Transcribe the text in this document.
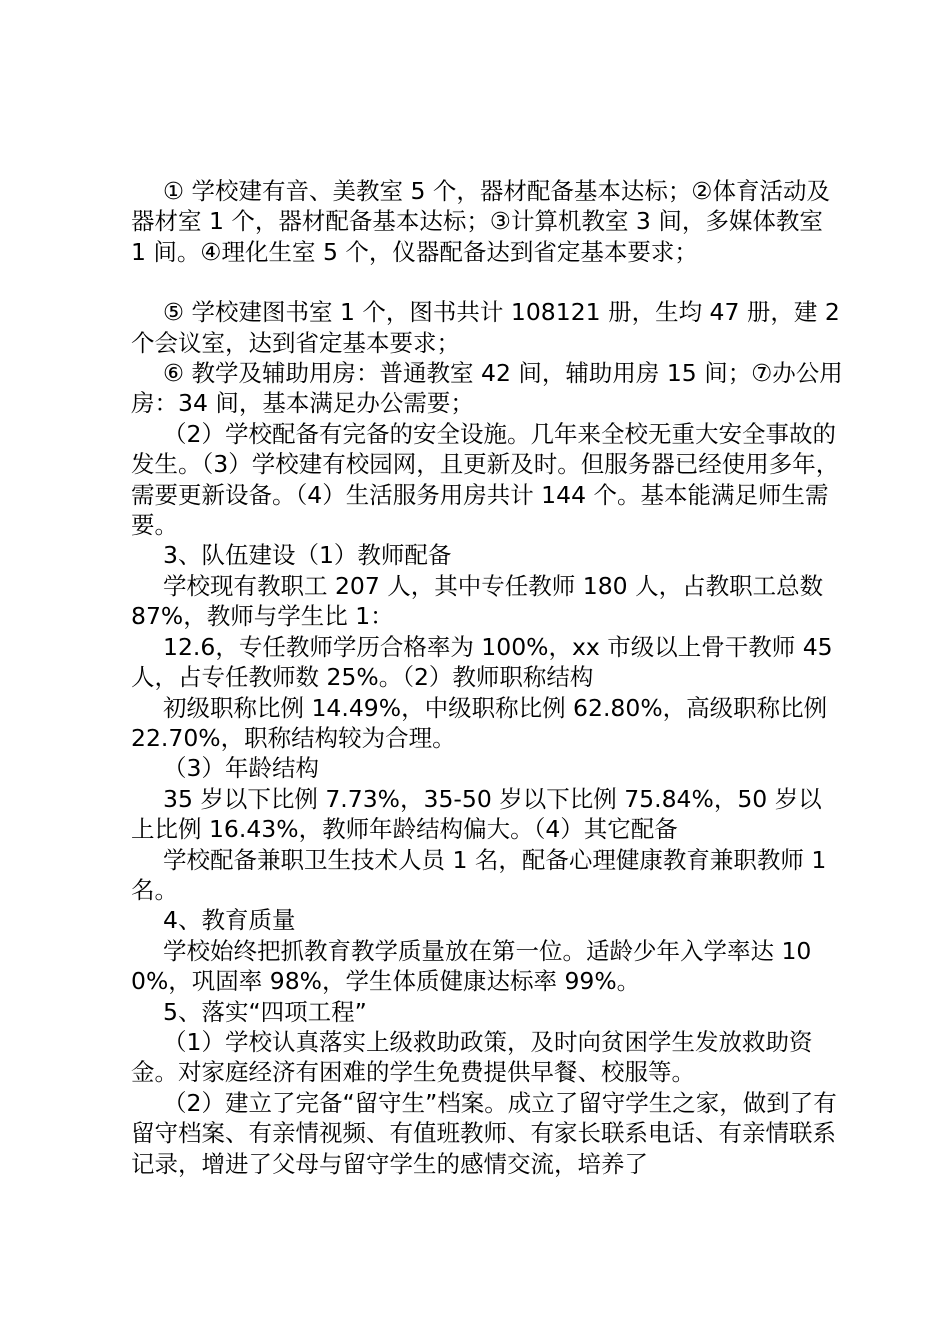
① 学校建有音、美教室 5 个，器材配备基本达标；②体育活动及器材室 1 个，器材配备基本达标；③计算机教室 3 间，多媒体教室 1 间。④理化生室 5 个，仪器配备达到省定基本要求；

⑤ 学校建图书室 1 个，图书共计 108121 册，生均 47 册，建 2 个会议室，达到省定基本要求；

⑥ 教学及辅助用房：普通教室 42 间，辅助用房 15 间；⑦办公用房：34 间，基本满足办公需要；

（2）学校配备有完备的安全设施。几年来全校无重大安全事故的发生。（3）学校建有校园网，且更新及时。但服务器已经使用多年，需要更新设备。（4）生活服务用房共计 144 个。基本能满足师生需要。

3、队伍建设（1）教师配备

学校现有教职工 207 人，其中专任教师 180 人，占教职工总数 87%，教师与学生比 1：

12.6，专任教师学历合格率为 100%，xx 市级以上骨干教师 45 人，占专任教师数 25%。（2）教师职称结构

初级职称比例 14.49%，中级职称比例 62.80%，高级职称比例 22.70%，职称结构较为合理。

（3）年龄结构

35 岁以下比例 7.73%，35-50 岁以下比例 75.84%，50 岁以上比例 16.43%，教师年龄结构偏大。（4）其它配备

学校配备兼职卫生技术人员 1 名，配备心理健康教育兼职教师 1 名。

4、教育质量

学校始终把抓教育教学质量放在第一位。适龄少年入学率达 100%，巩固率 98%，学生体质健康达标率 99%。

5、落实“四项工程”

（1）学校认真落实上级救助政策，及时向贫困学生发放救助资金。对家庭经济有困难的学生免费提供早餐、校服等。

（2）建立了完备“留守生”档案。成立了留守学生之家，做到了有留守档案、有亲情视频、有值班教师、有家长联系电话、有亲情联系记录，增进了父母与留守学生的感情交流，培养了
